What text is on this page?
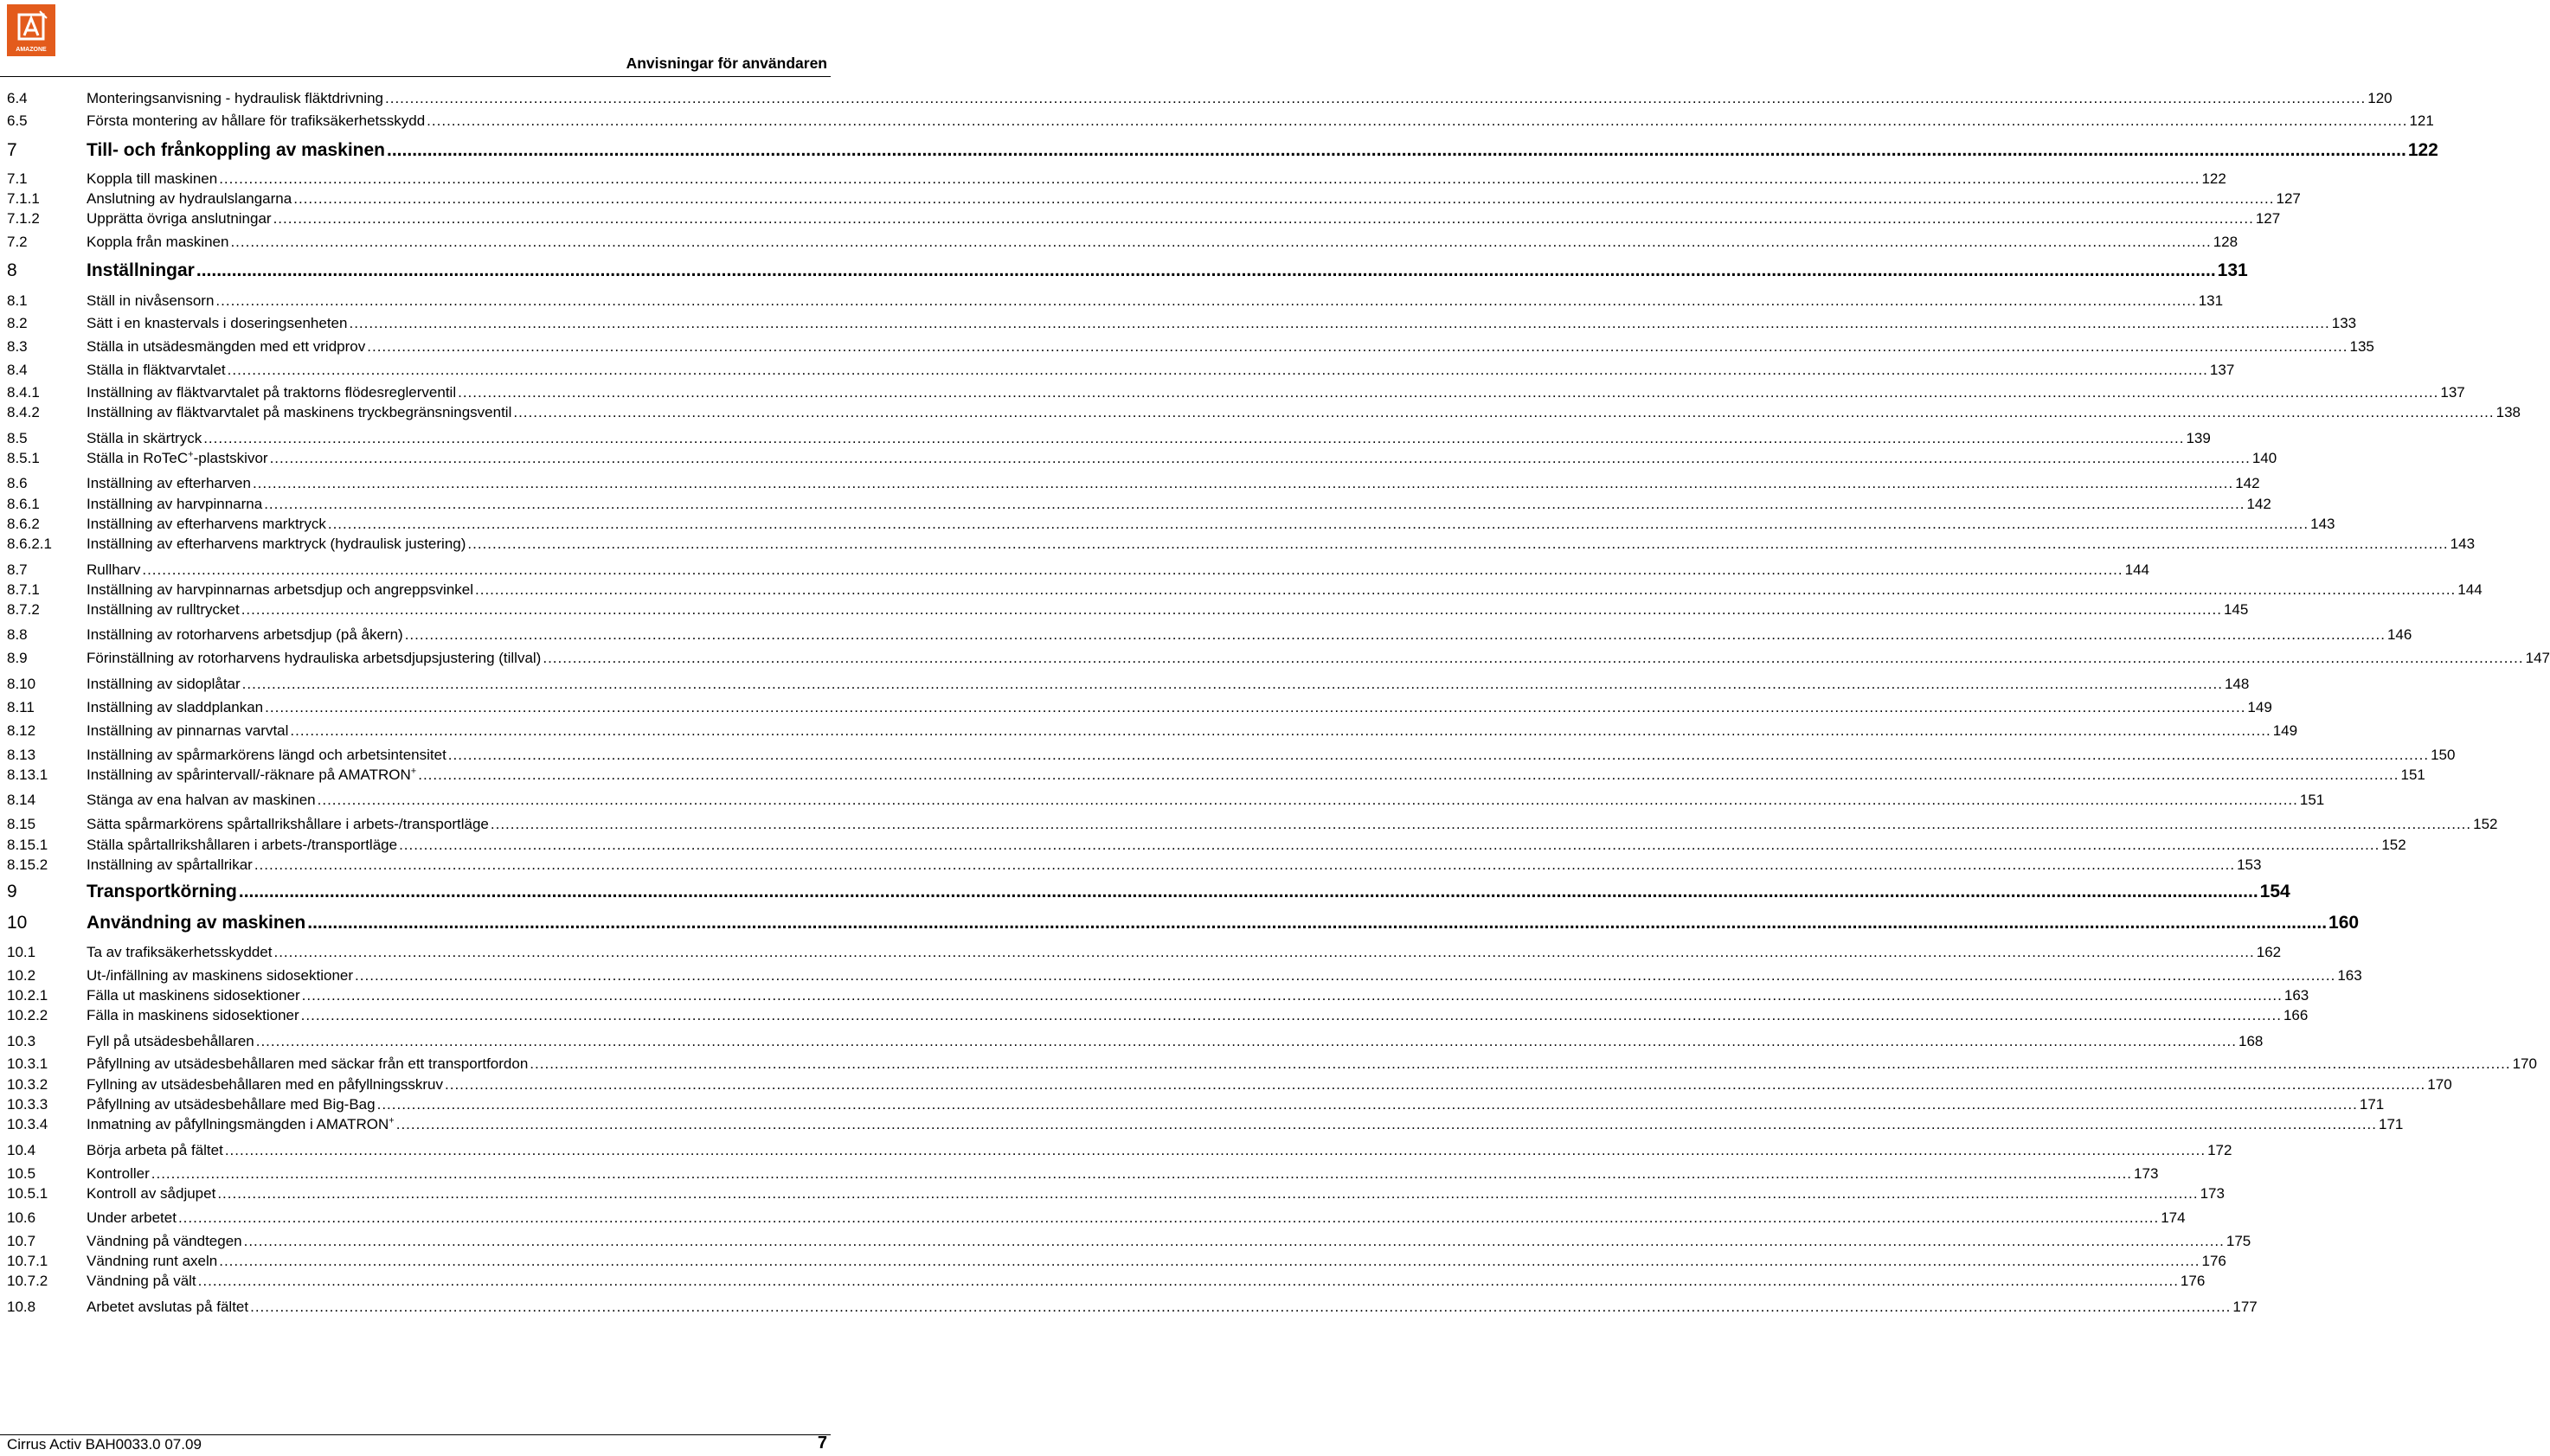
AMAZONE
Anvisningar för användaren
6.4	Monteringsanvisning - hydraulisk fläktdrivning ................................................................................................................................................................................................................................................................................................................................................................................................................ 120
6.5	Första montering av hållare för trafiksäkerhetsskydd ................................................................................................................................................................................................................................................................................................................................................................................................................ 121
7	Till- och frånkoppling av maskinen ................................................................................................................................................................................................................................................................................................................................................................................................................ 122
7.1	Koppla till maskinen ................................................................................................................................................................................................................................................................................................................................................................................................................ 122
7.1.1	Anslutning av hydraulslangarna ................................................................................................................................................................................................................................................................................................................................................................................................................ 127
7.1.2	Upprätta övriga anslutningar ................................................................................................................................................................................................................................................................................................................................................................................................................ 127
7.2	Koppla från maskinen ................................................................................................................................................................................................................................................................................................................................................................................................................ 128
8	Inställningar ................................................................................................................................................................................................................................................................................................................................................................................................................ 131
8.1	Ställ in nivåsensorn ................................................................................................................................................................................................................................................................................................................................................................................................................ 131
8.2	Sätt i en knastervals i doseringsenheten ................................................................................................................................................................................................................................................................................................................................................................................................................ 133
8.3	Ställa in utsädesmängden med ett vridprov ................................................................................................................................................................................................................................................................................................................................................................................................................ 135
8.4	Ställa in fläktvarvtalet ................................................................................................................................................................................................................................................................................................................................................................................................................ 137
8.4.1	Inställning av fläktvarvtalet på traktorns flödesreglerventil ................................................................................................................................................................................................................................................................................................................................................................................................................ 137
8.4.2	Inställning av fläktvarvtalet på maskinens tryckbegränsningsventil ................................................................................................................................................................................................................................................................................................................................................................................................................ 138
8.5	Ställa in skärtryck ................................................................................................................................................................................................................................................................................................................................................................................................................ 139
8.5.1	Ställa in RoTeC+-plastskivor ................................................................................................................................................................................................................................................................................................................................................................................................................ 140
8.6	Inställning av efterharven ................................................................................................................................................................................................................................................................................................................................................................................................................ 142
8.6.1	Inställning av harvpinnarna ................................................................................................................................................................................................................................................................................................................................................................................................................ 142
8.6.2	Inställning av efterharvens marktryck ................................................................................................................................................................................................................................................................................................................................................................................................................ 143
8.6.2.1	Inställning av efterharvens marktryck (hydraulisk justering) ................................................................................................................................................................................................................................................................................................................................................................................................................ 143
8.7	Rullharv ................................................................................................................................................................................................................................................................................................................................................................................................................ 144
8.7.1	Inställning av harvpinnarnas arbetsdjup och angreppsvinkel ................................................................................................................................................................................................................................................................................................................................................................................................................ 144
8.7.2	Inställning av rulltrycket ................................................................................................................................................................................................................................................................................................................................................................................................................ 145
8.8	Inställning av rotorharvens arbetsdjup (på åkern) ................................................................................................................................................................................................................................................................................................................................................................................................................ 146
8.9	Förinställning av rotorharvens hydrauliska arbetsdjupsjustering (tillval) ................................................................................................................................................................................................................................................................................................................................................................................................................ 147
8.10	Inställning av sidoplåtar ................................................................................................................................................................................................................................................................................................................................................................................................................ 148
8.11	Inställning av sladdplankan ................................................................................................................................................................................................................................................................................................................................................................................................................ 149
8.12	Inställning av pinnarnas varvtal ................................................................................................................................................................................................................................................................................................................................................................................................................ 149
8.13	Inställning av spårmarkörens längd och arbetsintensitet ................................................................................................................................................................................................................................................................................................................................................................................................................ 150
8.13.1	Inställning av spårintervall/-räknare på AMATRON+ ................................................................................................................................................................................................................................................................................................................................................................................................................ 151
8.14	Stänga av ena halvan av maskinen ................................................................................................................................................................................................................................................................................................................................................................................................................ 151
8.15	Sätta spårmarkörens spårtallrikshållare i arbets-/transportläge ................................................................................................................................................................................................................................................................................................................................................................................................................ 152
8.15.1	Ställa spårtallrikshållaren i arbets-/transportläge ................................................................................................................................................................................................................................................................................................................................................................................................................ 152
8.15.2	Inställning av spårtallrikar ................................................................................................................................................................................................................................................................................................................................................................................................................ 153
9	Transportkörning ................................................................................................................................................................................................................................................................................................................................................................................................................ 154
10	Användning av maskinen ................................................................................................................................................................................................................................................................................................................................................................................................................ 160
10.1	Ta av trafiksäkerhetsskyddet ................................................................................................................................................................................................................................................................................................................................................................................................................ 162
10.2	Ut-/infällning av maskinens sidosektioner ................................................................................................................................................................................................................................................................................................................................................................................................................ 163
10.2.1	Fälla ut maskinens sidosektioner ................................................................................................................................................................................................................................................................................................................................................................................................................ 163
10.2.2	Fälla in maskinens sidosektioner ................................................................................................................................................................................................................................................................................................................................................................................................................ 166
10.3	Fyll på utsädesbehållaren ................................................................................................................................................................................................................................................................................................................................................................................................................ 168
10.3.1	Påfyllning av utsädesbehållaren med säckar från ett transportfordon ................................................................................................................................................................................................................................................................................................................................................................................................................ 170
10.3.2	Fyllning av utsädesbehållaren med en påfyllningsskruv ................................................................................................................................................................................................................................................................................................................................................................................................................ 170
10.3.3	Påfyllning av utsädesbehållare med Big-Bag ................................................................................................................................................................................................................................................................................................................................................................................................................ 171
10.3.4	Inmatning av påfyllningsmängden i AMATRON+ ................................................................................................................................................................................................................................................................................................................................................................................................................ 171
10.4	Börja arbeta på fältet ................................................................................................................................................................................................................................................................................................................................................................................................................ 172
10.5	Kontroller ................................................................................................................................................................................................................................................................................................................................................................................................................ 173
10.5.1	Kontroll av sådjupet ................................................................................................................................................................................................................................................................................................................................................................................................................ 173
10.6	Under arbetet ................................................................................................................................................................................................................................................................................................................................................................................................................ 174
10.7	Vändning på vändtegen ................................................................................................................................................................................................................................................................................................................................................................................................................ 175
10.7.1	Vändning runt axeln ................................................................................................................................................................................................................................................................................................................................................................................................................ 176
10.7.2	Vändning på vält ................................................................................................................................................................................................................................................................................................................................................................................................................ 176
10.8	Arbetet avslutas på fältet ................................................................................................................................................................................................................................................................................................................................................................................................................ 177
Cirrus Activ BAH0033.0 07.09	7
